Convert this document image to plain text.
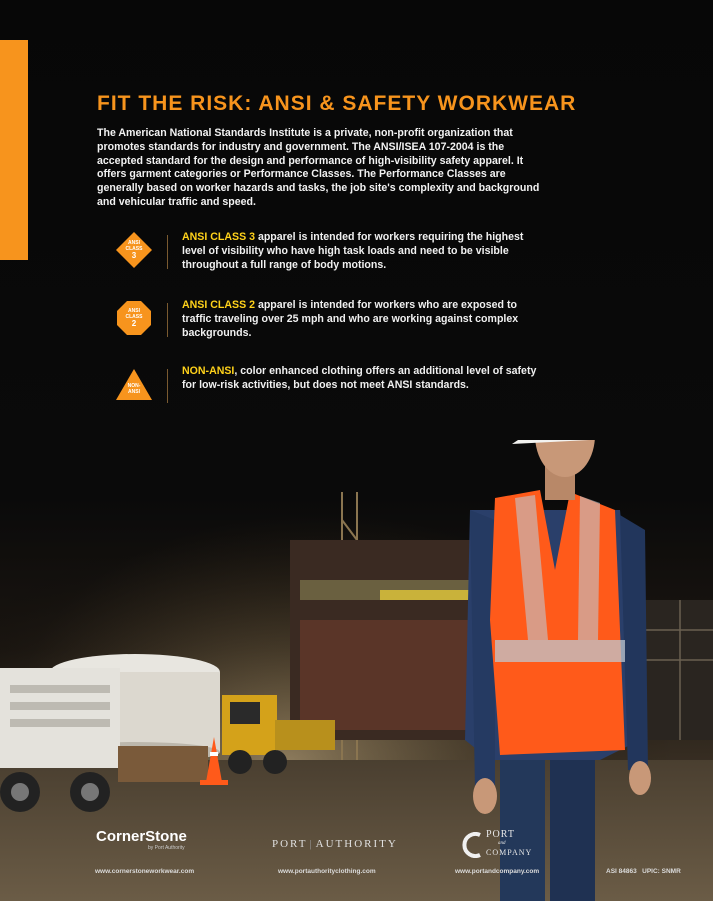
FIT THE RISK: ANSI & SAFETY WORKWEAR

The American National Standards Institute is a private, non-profit organization that promotes standards for industry and government. The ANSI/ISEA 107-2004 is the accepted standard for the design and performance of high-visibility safety apparel. It offers garment categories or Performance Classes. The Performance Classes are generally based on worker hazards and tasks, the job site's complexity and background and vehicular traffic and speed.

ANSI
CLASS
3

ANSI CLASS 3 apparel is intended for workers requiring the highest level of visibility who have high task loads and need to be visible throughout a full range of body motions.

ANSI
CLASS
2

ANSI CLASS 2 apparel is intended for workers who are exposed to traffic traveling over 25 mph and who are working against complex backgrounds.

NON-
ANSI

NON-ANSI, color enhanced clothing offers an additional level of safety for low-risk activities, but does not meet ANSI standards.

CornerStone
by Port Authority
www.cornerstoneworkwear.com
PORT | AUTHORITY
www.portauthorityclothing.com
PORT
and
COMPANY
www.portandcompany.com	ASI 84863   UPIC: SNMR
